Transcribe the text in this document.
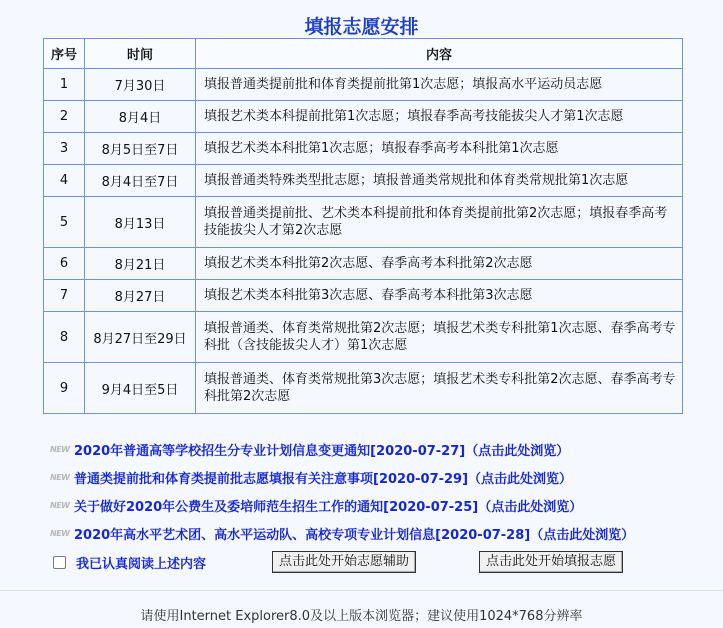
填报志愿安排
序号	时间	内容
1	7月30日	填报普通类提前批和体育类提前批第1次志愿；填报高水平运动员志愿
2	8月4日	填报艺术类本科提前批第1次志愿；填报春季高考技能拔尖人才第1次志愿
3	8月5日至7日	填报艺术类本科批第1次志愿；填报春季高考本科批第1次志愿
4	8月4日至7日	填报普通类特殊类型批志愿；填报普通类常规批和体育类常规批第1次志愿
5	8月13日	填报普通类提前批、艺术类本科提前批和体育类提前批第2次志愿；填报春季高考技能拔尖人才第2次志愿
6	8月21日	填报艺术类本科批第2次志愿、春季高考本科批第2次志愿
7	8月27日	填报艺术类本科批第3次志愿、春季高考本科批第3次志愿
8	8月27日至29日	填报普通类、体育类常规批第2次志愿；填报艺术类专科批第1次志愿、春季高考专科批（含技能拔尖人才）第1次志愿
9	9月4日至5日	填报普通类、体育类常规批第3次志愿；填报艺术类专科批第2次志愿、春季高考专科批第2次志愿
NEW 2020年普通高等学校招生分专业计划信息变更通知[2020-07-27]（点击此处浏览）
NEW 普通类提前批和体育类提前批志愿填报有关注意事项[2020-07-29]（点击此处浏览）
NEW 关于做好2020年公费生及委培师范生招生工作的通知[2020-07-25]（点击此处浏览）
NEW 2020年高水平艺术团、高水平运动队、高校专项专业计划信息[2020-07-28]（点击此处浏览）
我已认真阅读上述内容	点击此处开始志愿辅助	点击此处开始填报志愿
请使用Internet Explorer8.0及以上版本浏览器；建议使用1024*768分辨率
